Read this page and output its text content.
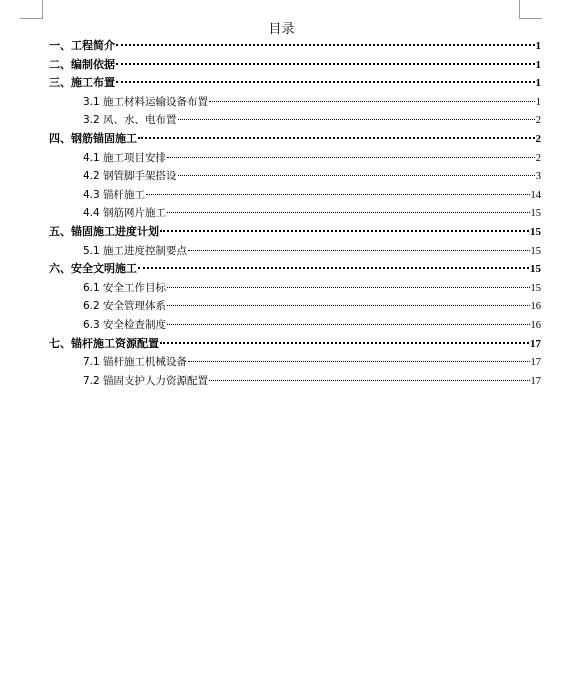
目录
一、工程简介	1
二、编制依据	1
三、施工布置	1
3.1 施工材料运输设备布置	1
3.2 风、水、电布置	2
四、钢筋锚固施工	2
4.1 施工项目安排	2
4.2 钢管脚手架搭设	3
4.3 锚杆施工	14
4.4 钢筋网片施工	15
五、锚固施工进度计划	15
5.1 施工进度控制要点	15
六、安全文明施工	15
6.1 安全工作目标	15
6.2 安全管理体系	16
6.3 安全检查制度	16
七、锚杆施工资源配置	17
7.1 锚杆施工机械设备	17
7.2 锚固支护人力资源配置	17
